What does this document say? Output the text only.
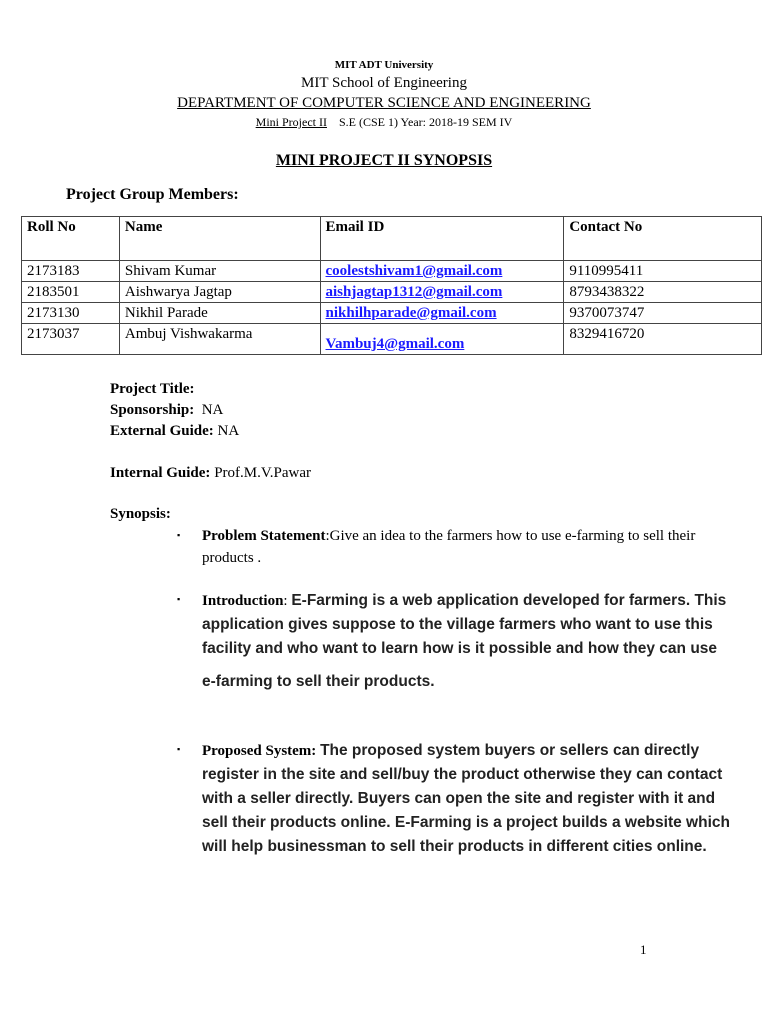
MIT ADT University
MIT School of Engineering
DEPARTMENT OF COMPUTER SCIENCE AND ENGINEERING
Mini Project II S.E (CSE 1) Year: 2018-19 SEM IV
MINI PROJECT II SYNOPSIS
Project Group Members:
Roll No	Name	Email ID	Contact No
2173183	Shivam Kumar	coolestshivam1@gmail.com	9110995411
2183501	Aishwarya Jagtap	aishjagtap1312@gmail.com	8793438322
2173130	Nikhil Parade	nikhilhparade@gmail.com	9370073747
2173037	Ambuj Vishwakarma	Vambuj4@gmail.com	8329416720
Project Title:
Sponsorship: NA
External Guide: NA
Internal Guide: Prof.M.V.Pawar
Synopsis:
▪ Problem Statement:Give an idea to the farmers how to use e-farming to sell their products .
▪ Introduction: E-Farming is a web application developed for farmers. This application gives suppose to the village farmers who want to use this facility and who want to learn how is it possible and how they can use
e-farming to sell their products.
▪ Proposed System: The proposed system buyers or sellers can directly register in the site and sell/buy the product otherwise they can contact with a seller directly. Buyers can open the site and register with it and sell their products online. E-Farming is a project builds a website which will help businessman to sell their products in different cities online.
1
